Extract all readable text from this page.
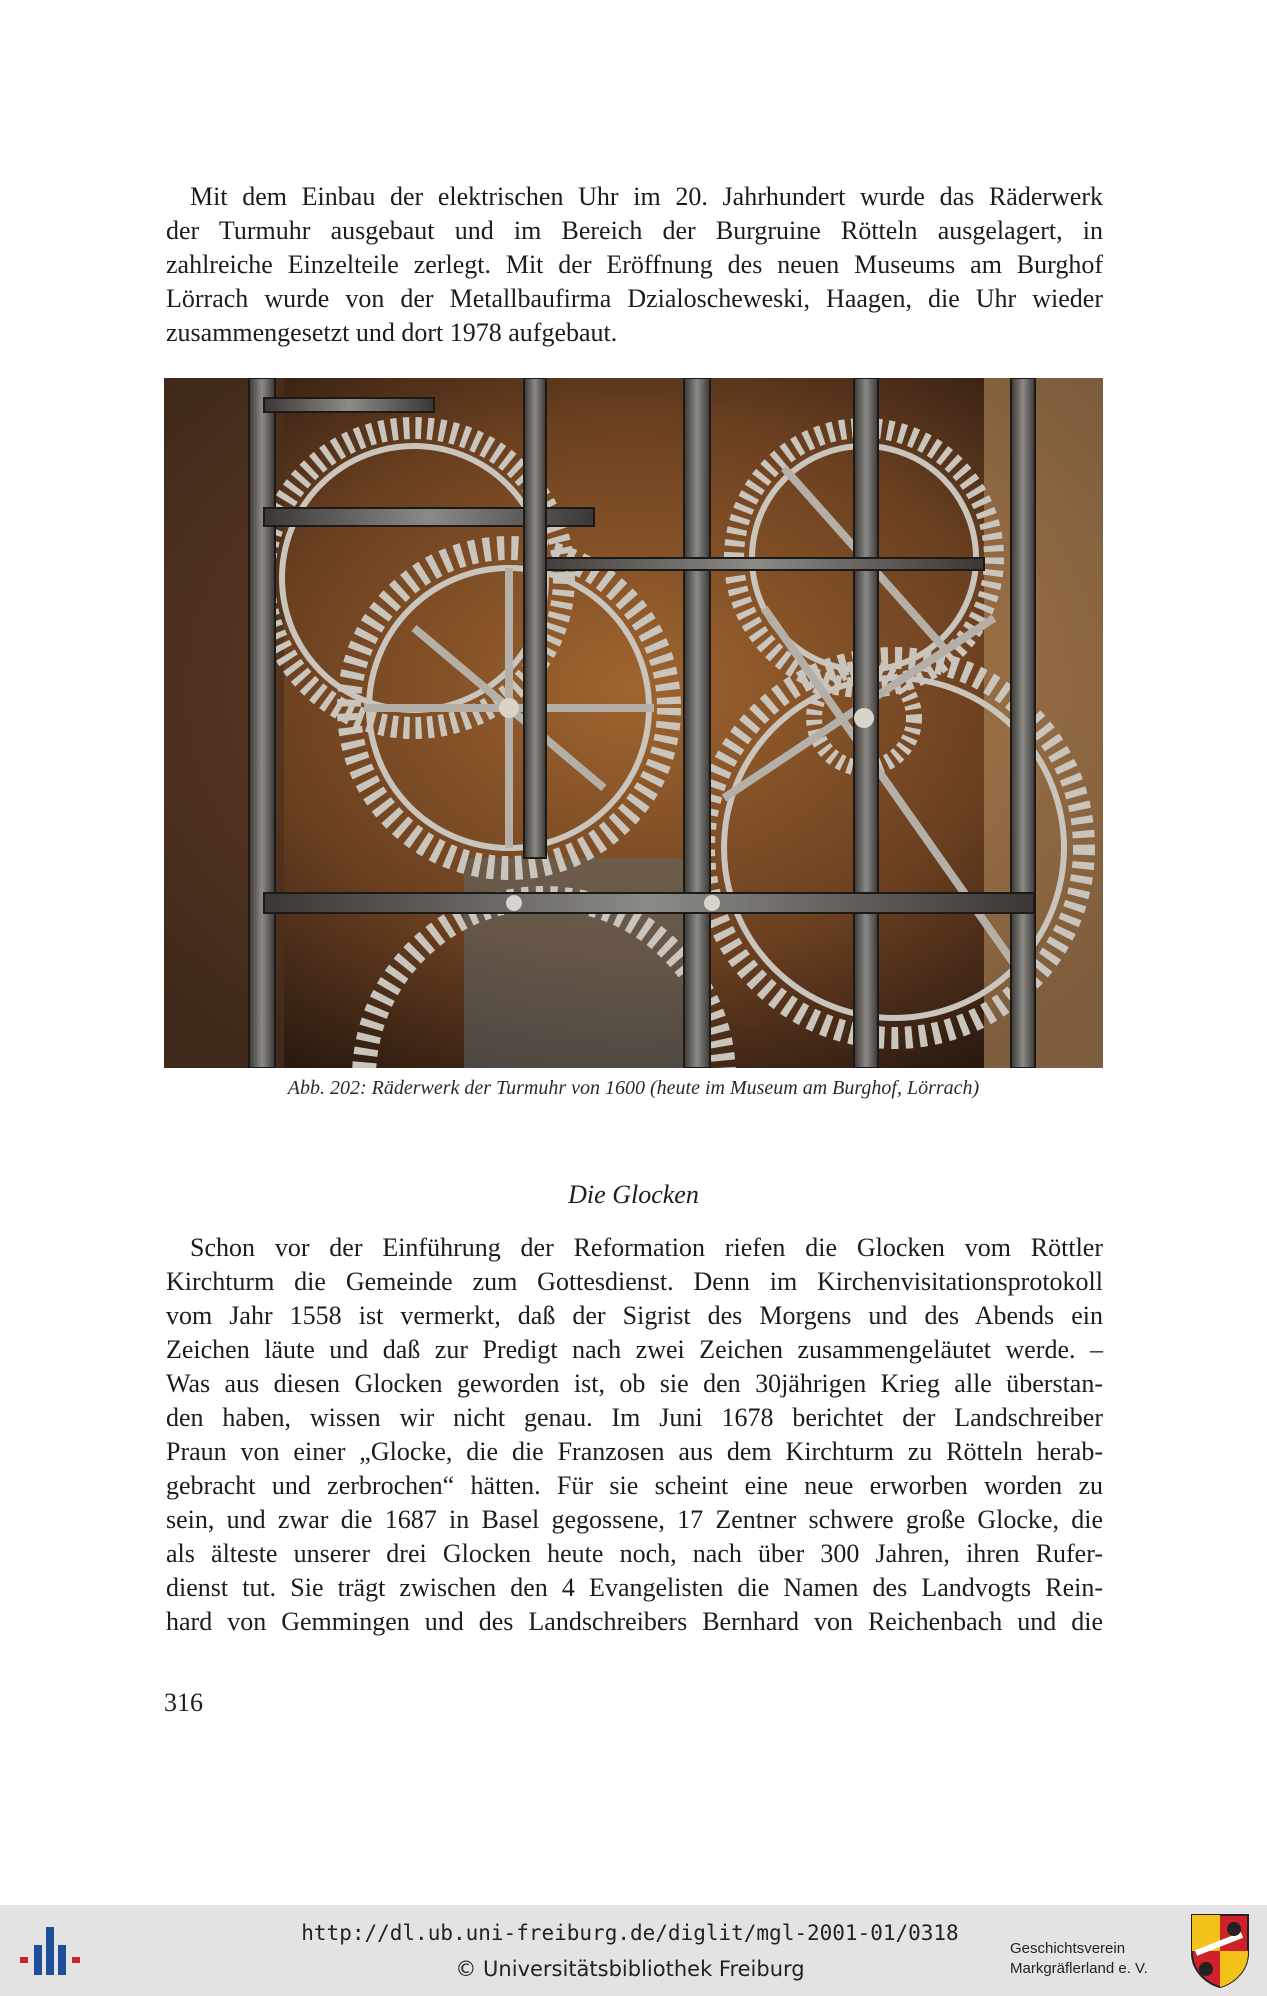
Mit dem Einbau der elektrischen Uhr im 20. Jahrhundert wurde das Räderwerk
der Turmuhr ausgebaut und im Bereich der Burgruine Rötteln ausgelagert, in
zahlreiche Einzelteile zerlegt. Mit der Eröffnung des neuen Museums am Burghof
Lörrach wurde von der Metallbaufirma Dzialoscheweski, Haagen, die Uhr wieder
zusammengesetzt und dort 1978 aufgebaut.
Abb. 202: Räderwerk der Turmuhr von 1600 (heute im Museum am Burghof, Lörrach)
Die Glocken
Schon vor der Einführung der Reformation riefen die Glocken vom Röttler
Kirchturm die Gemeinde zum Gottesdienst. Denn im Kirchenvisitationsprotokoll
vom Jahr 1558 ist vermerkt, daß der Sigrist des Morgens und des Abends ein
Zeichen läute und daß zur Predigt nach zwei Zeichen zusammengeläutet werde. –
Was aus diesen Glocken geworden ist, ob sie den 30jährigen Krieg alle überstan-
den haben, wissen wir nicht genau. Im Juni 1678 berichtet der Landschreiber
Praun von einer „Glocke, die die Franzosen aus dem Kirchturm zu Rötteln herab-
gebracht und zerbrochen“ hätten. Für sie scheint eine neue erworben worden zu
sein, und zwar die 1687 in Basel gegossene, 17 Zentner schwere große Glocke, die
als älteste unserer drei Glocken heute noch, nach über 300 Jahren, ihren Rufer-
dienst tut. Sie trägt zwischen den 4 Evangelisten die Namen des Landvogts Rein-
hard von Gemmingen und des Landschreibers Bernhard von Reichenbach und die
316
http://dl.ub.uni-freiburg.de/diglit/mgl-2001-01/0318
© Universitätsbibliothek Freiburg
Geschichtsverein
Markgräflerland e. V.
